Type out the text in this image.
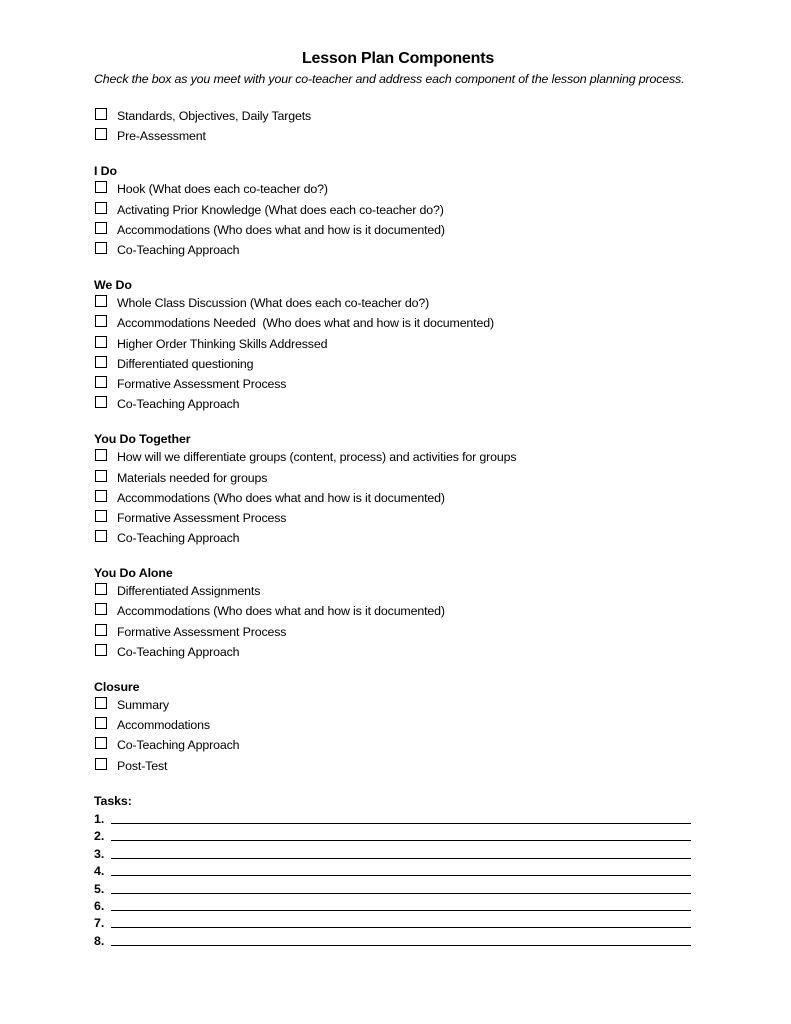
Lesson Plan Components

Check the box as you meet with your co-teacher and address each component of the lesson planning process.

Standards, Objectives, Daily Targets
Pre-Assessment
I Do
Hook (What does each co-teacher do?)
Activating Prior Knowledge (What does each co-teacher do?)
Accommodations (Who does what and how is it documented)
Co-Teaching Approach
We Do
Whole Class Discussion (What does each co-teacher do?)
Accommodations Needed  (Who does what and how is it documented)
Higher Order Thinking Skills Addressed
Differentiated questioning
Formative Assessment Process
Co-Teaching Approach
You Do Together
How will we differentiate groups (content, process) and activities for groups
Materials needed for groups
Accommodations (Who does what and how is it documented)
Formative Assessment Process
Co-Teaching Approach
You Do Alone
Differentiated Assignments
Accommodations (Who does what and how is it documented)
Formative Assessment Process
Co-Teaching Approach
Closure
Summary
Accommodations
Co-Teaching Approach
Post-Test
Tasks:
1.
2.
3.
4.
5.
6.
7.
8.
